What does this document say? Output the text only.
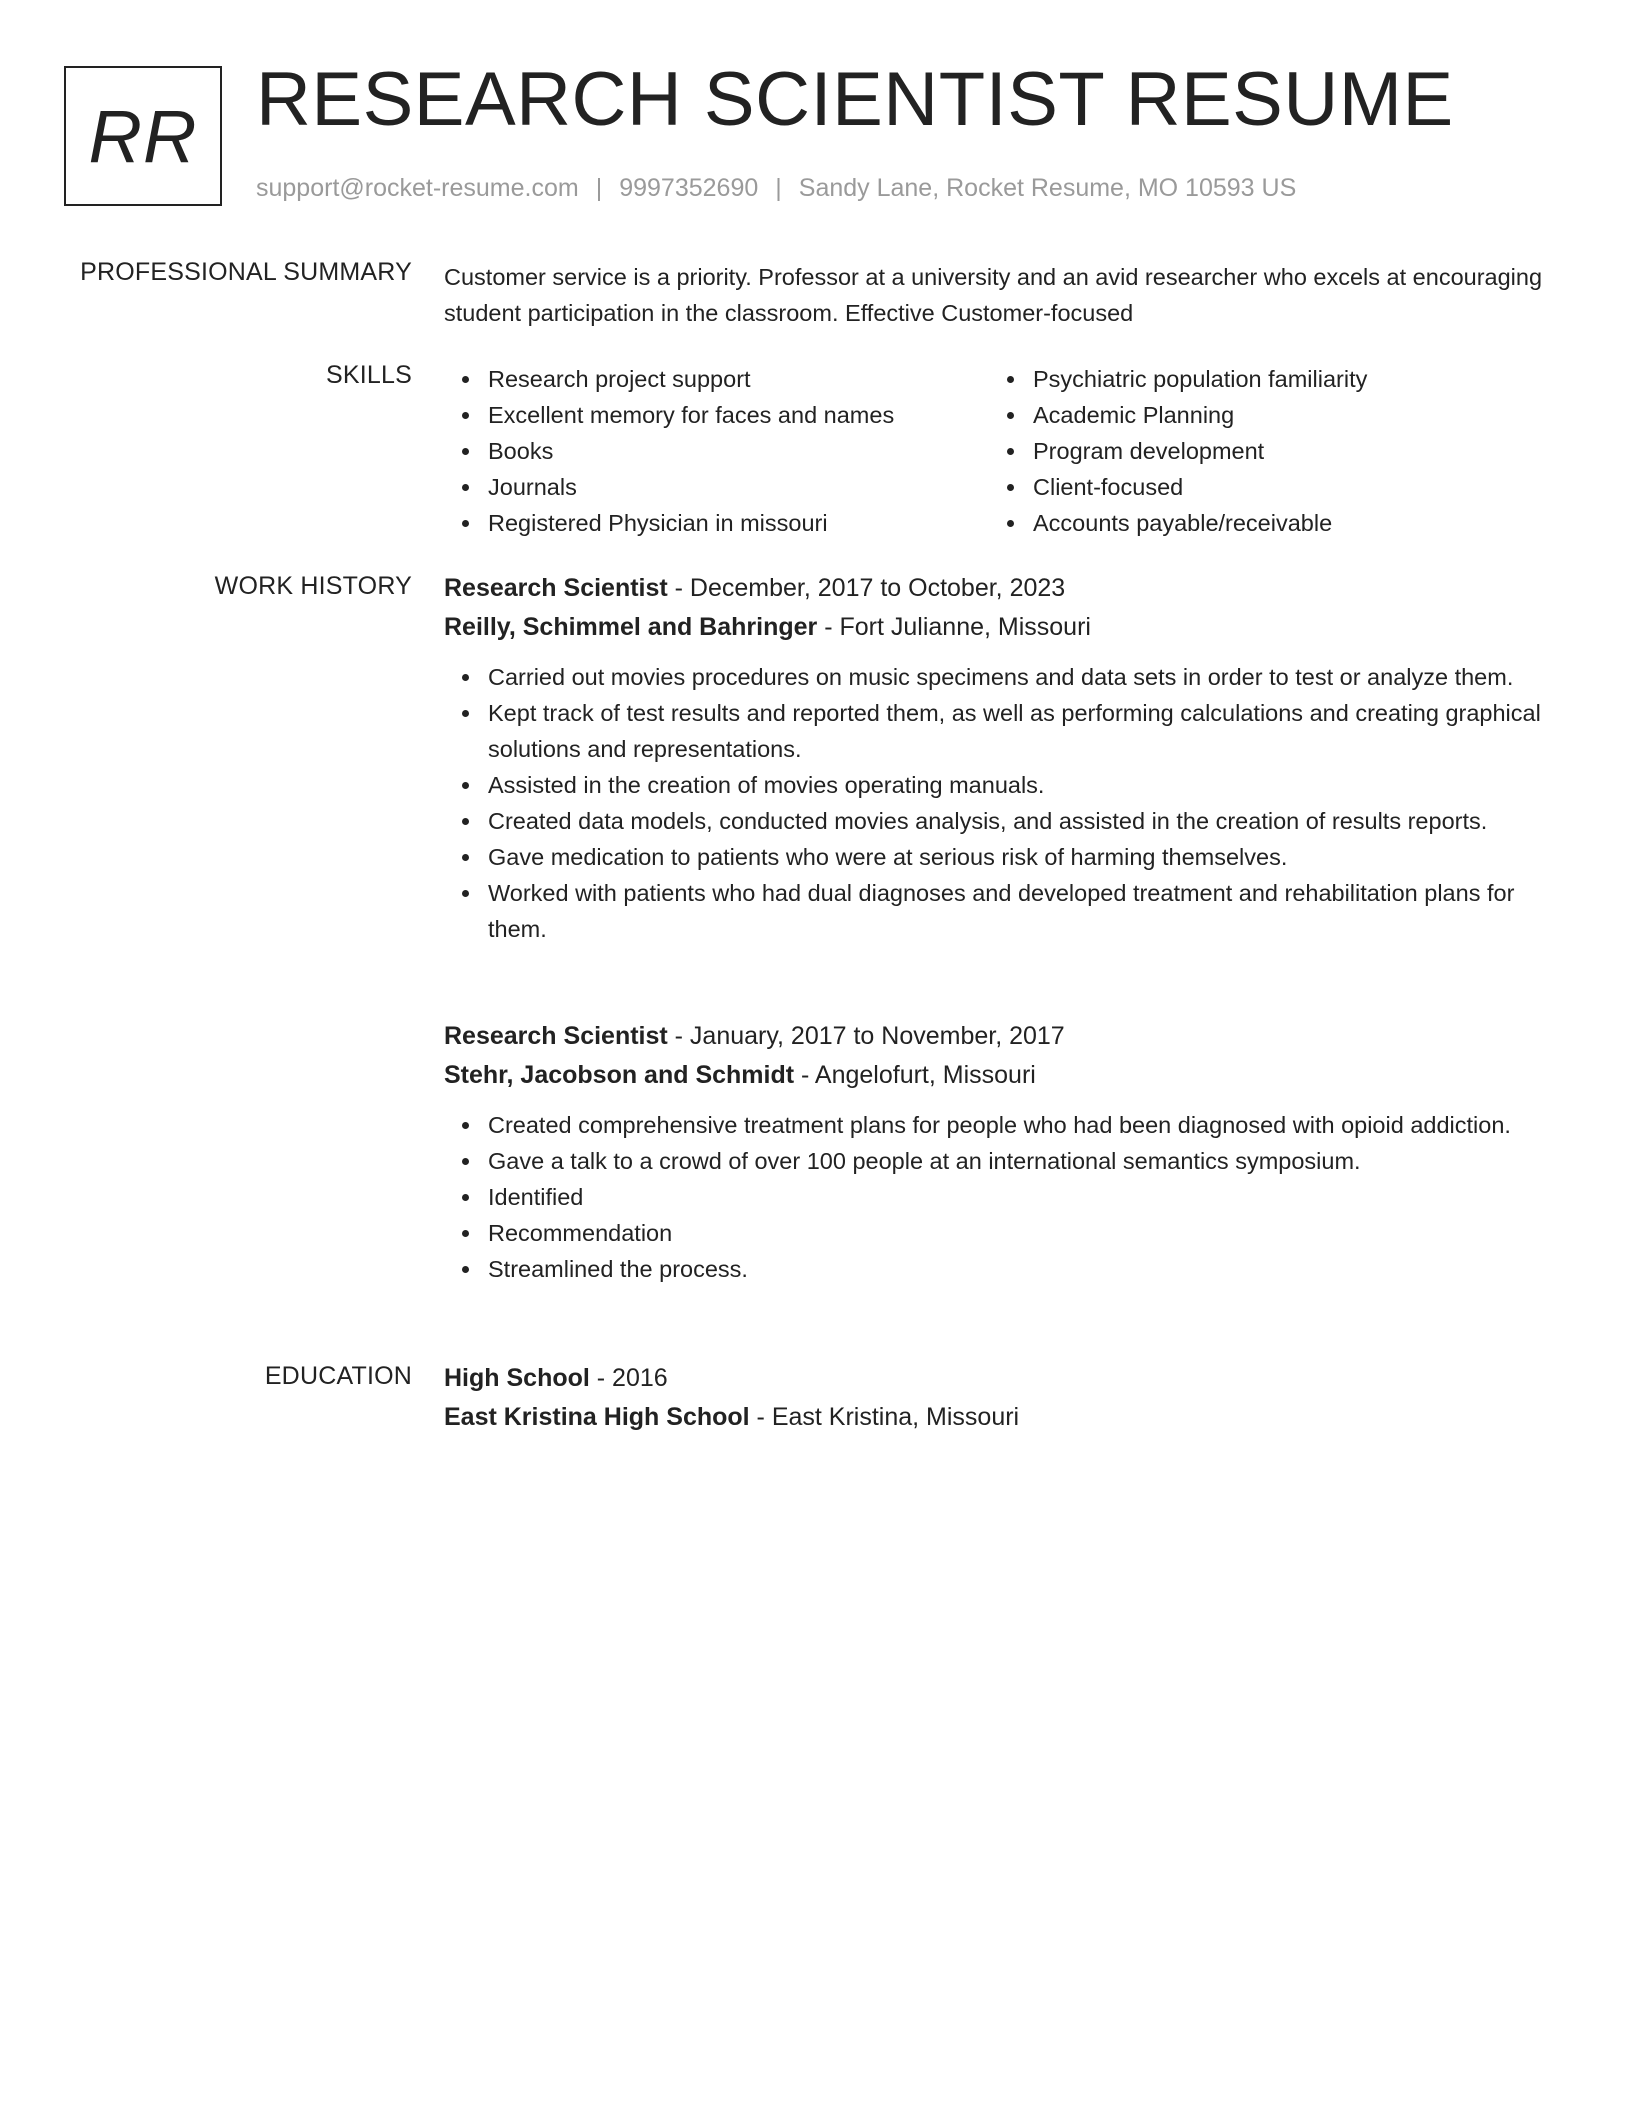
RR RESEARCH SCIENTIST RESUME
support@rocket-resume.com | 9997352690 | Sandy Lane, Rocket Resume, MO 10593 US
PROFESSIONAL SUMMARY Customer service is a priority. Professor at a university and an avid researcher who excels at encouraging student participation in the classroom. Effective Customer-focused

SKILLS	Research project support
Excellent memory for faces and names
Books
Journals
Registered Physician in missouri
Psychiatric population familiarity
Academic Planning
Program development
Client-focused
Accounts payable/receivable
WORK HISTORY Research Scientist - December, 2017 to October, 2023
Reilly, Schimmel and Bahringer - Fort Julianne, Missouri
Carried out movies procedures on music specimens and data sets in order to test or analyze them.
Kept track of test results and reported them, as well as performing calculations and creating graphical solutions and representations.
Assisted in the creation of movies operating manuals.
Created data models, conducted movies analysis, and assisted in the creation of results reports.
Gave medication to patients who were at serious risk of harming themselves.
Worked with patients who had dual diagnoses and developed treatment and rehabilitation plans for them.
Research Scientist - January, 2017 to November, 2017
Stehr, Jacobson and Schmidt - Angelofurt, Missouri
Created comprehensive treatment plans for people who had been diagnosed with opioid addiction.
Gave a talk to a crowd of over 100 people at an international semantics symposium.
Identified
Recommendation
Streamlined the process.
EDUCATION High School - 2016
East Kristina High School - East Kristina, Missouri
